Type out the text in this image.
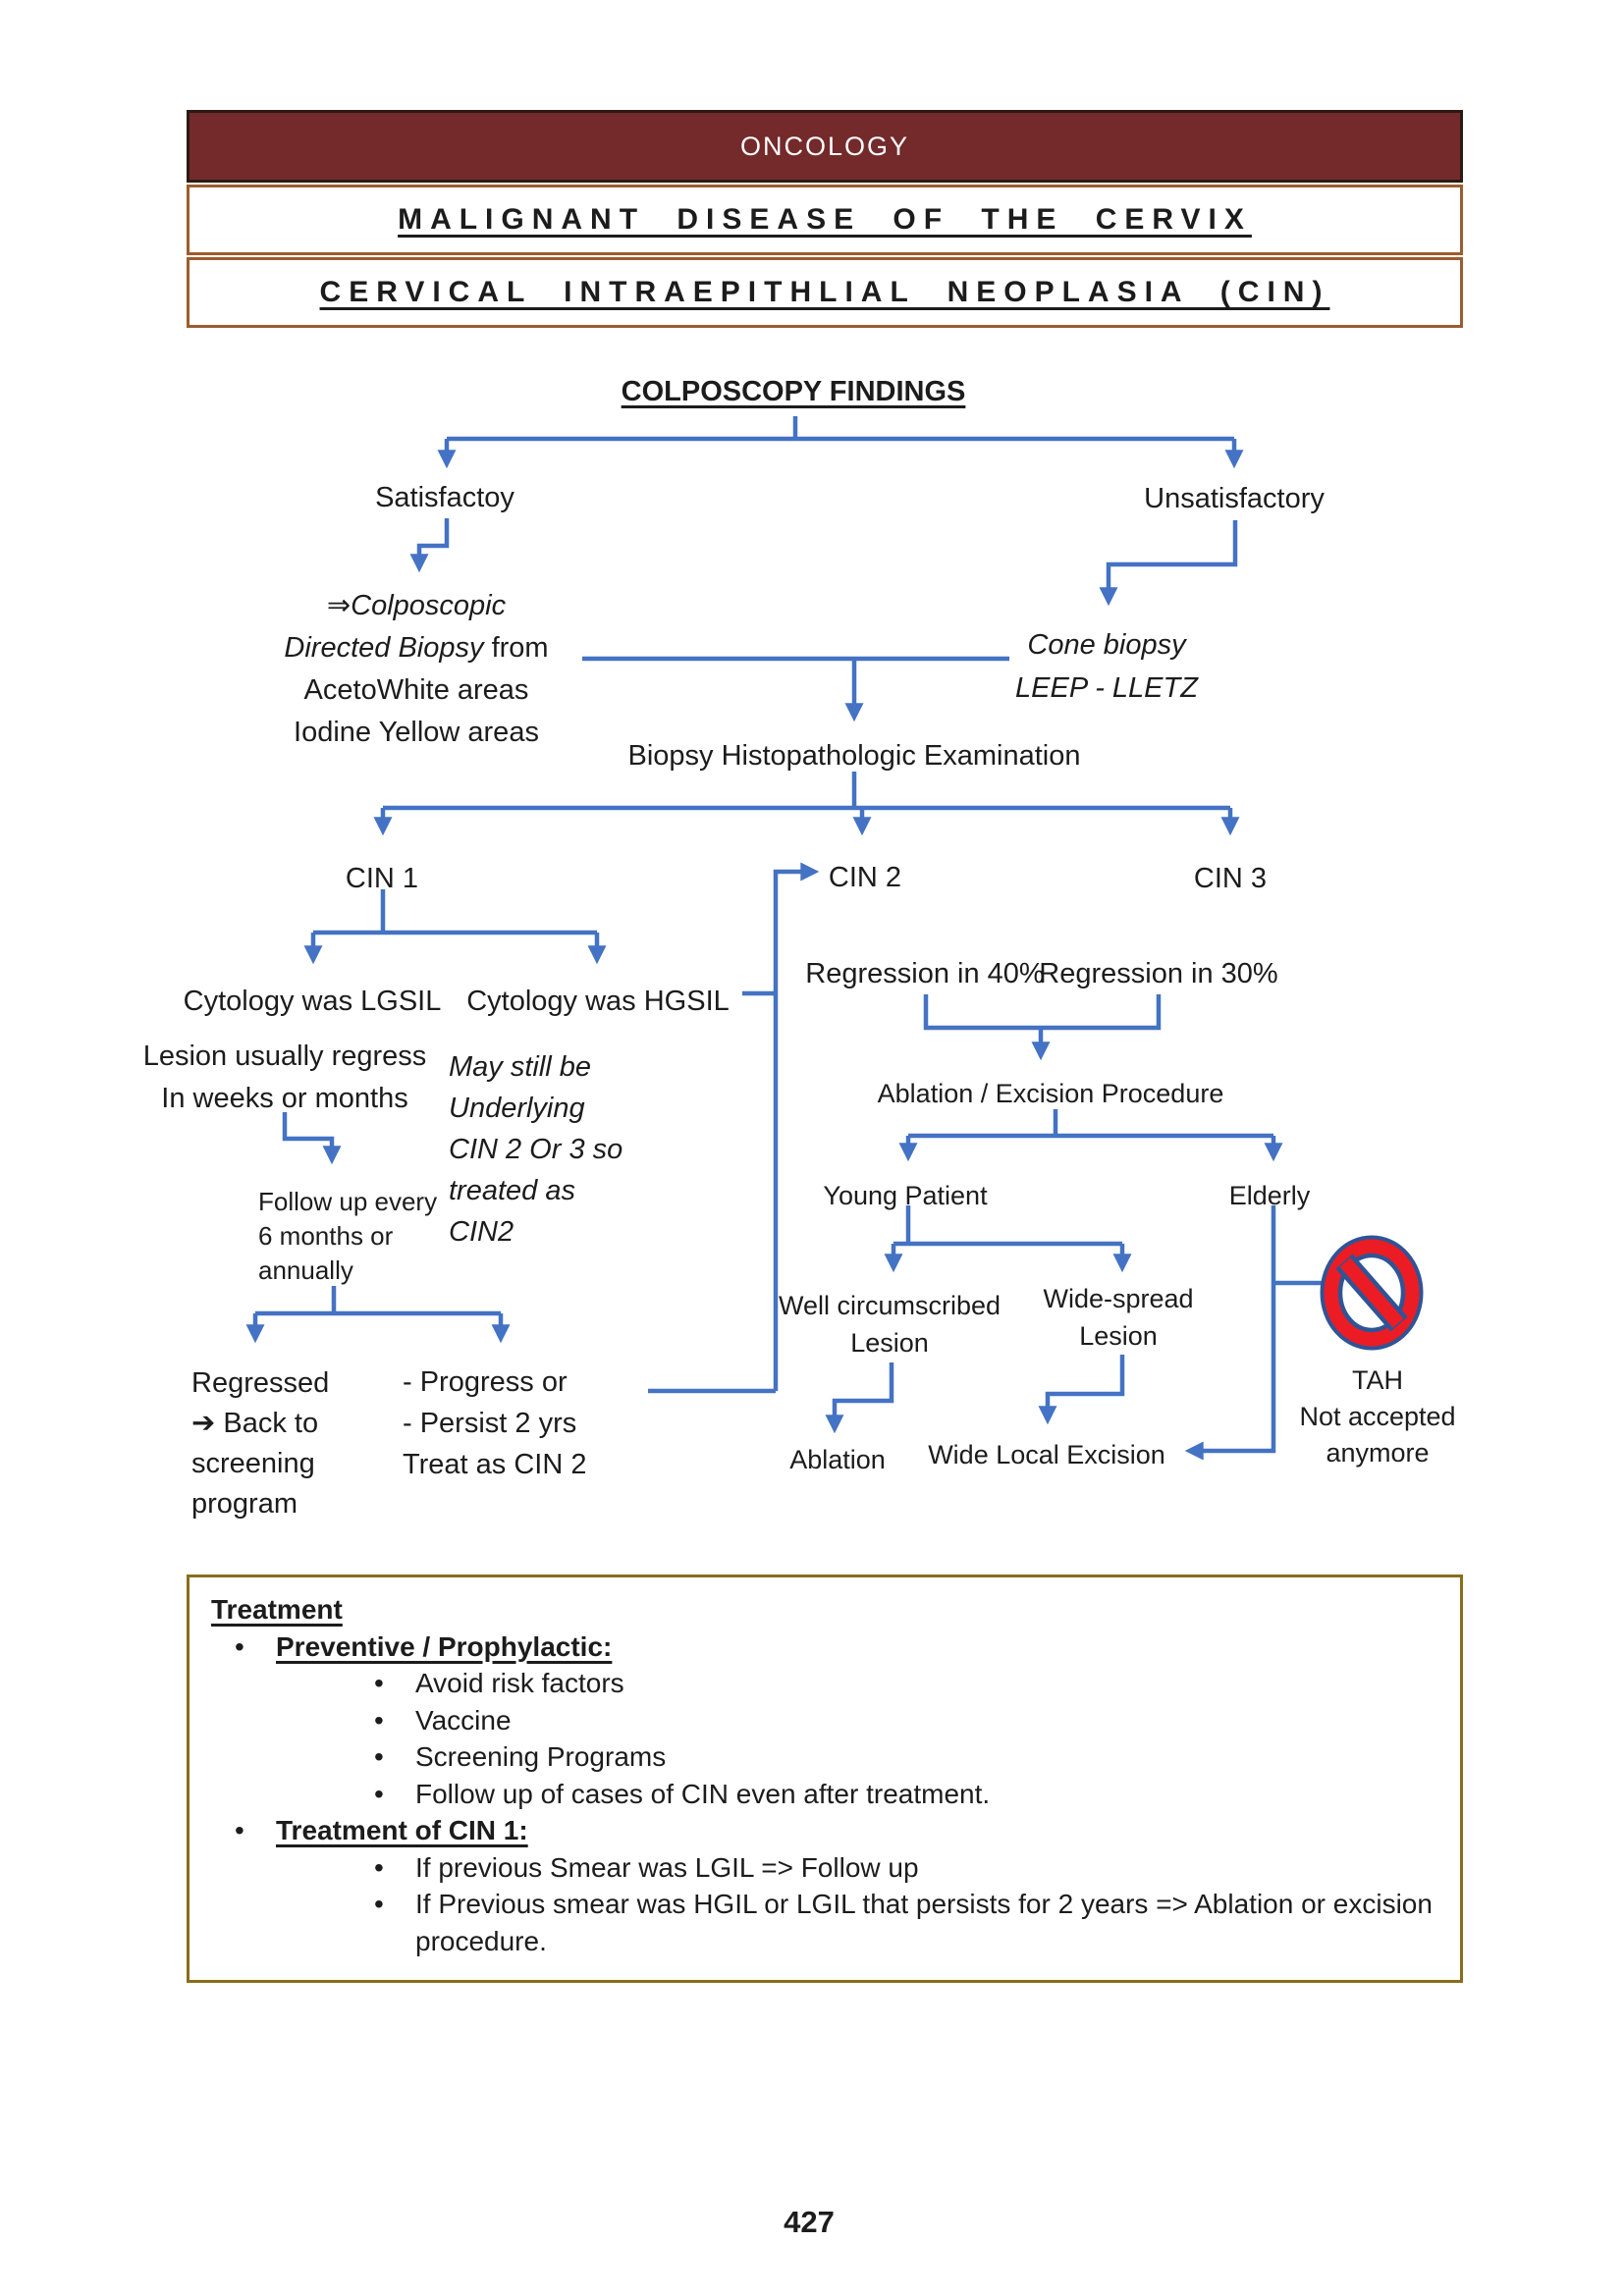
ONCOLOGY
MALIGNANT DISEASE OF THE CERVIX
CERVICAL INTRAEPITHLIAL NEOPLASIA (CIN)
COLPOSCOPY FINDINGS
Satisfactoy	Unsatisfactory
⇒Colposcopic
Directed Biopsy from
AcetoWhite areas
Iodine Yellow areas
Cone biopsy
LEEP - LLETZ
Biopsy Histopathologic Examination
CIN 1	CIN 2	CIN 3
Cytology was LGSIL Cytology was HGSIL
Lesion usually regress
In weeks or months
May still be
Underlying
CIN 2 Or 3 so
treated as
CIN2
Follow up every
6 months or
annually
Regressed
➔ Back to
screening
program
- Progress or
- Persist 2 yrs
Treat as CIN 2
Regression in 40%
Regression in 30%
Ablation / Excision Procedure
Young Patient	Elderly
Well circumscribed
Lesion
Wide-spread
Lesion
Ablation Wide Local Excision
TAH
Not accepted
anymore
Treatment
•	Preventive / Prophylactic:
•	Avoid risk factors
•	Vaccine
•	Screening Programs
•	Follow up of cases of CIN even after treatment.
•	Treatment of CIN 1:
•	If previous Smear was LGIL => Follow up
•	If Previous smear was HGIL or LGIL that persists for 2 years => Ablation or excision procedure.
427
